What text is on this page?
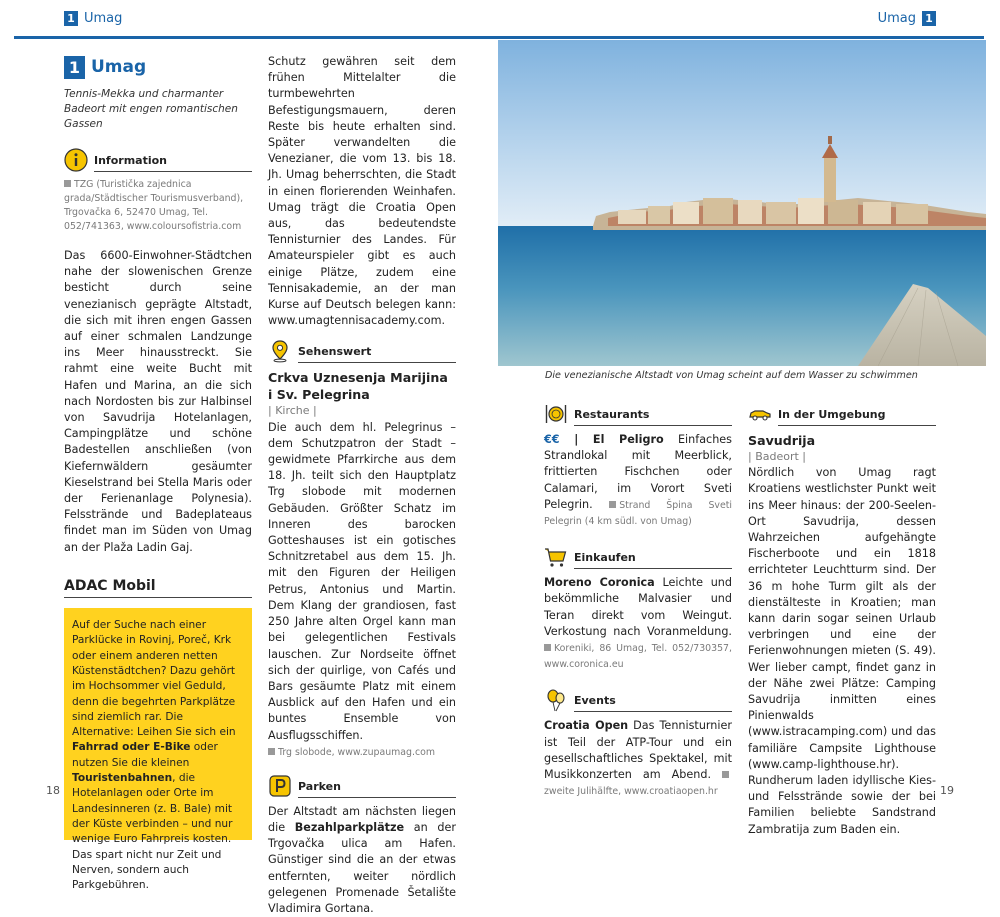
1 Umag	Umag 1
1 Umag
Tennis-Mekka und charmanter Badeort mit engen romantischen Gassen
Information
TZG (Turistička zajednica grada/Städtischer Tourismusverband), Trgovačka 6, 52470 Umag, Tel. 052/741363, www.coloursofistria.com
Das 6600-Einwohner-Städtchen nahe der slowenischen Grenze besticht durch seine venezianisch geprägte Altstadt, die sich mit ihren engen Gassen auf einer schmalen Landzunge ins Meer hinausstreckt. Sie rahmt eine weite Bucht mit Hafen und Marina, an die sich nach Nordosten bis zur Halbinsel von Savudrija Hotelanlagen, Campingplätze und schöne Badestellen anschließen (von Kiefernwäldern gesäumter Kieselstrand bei Stella Maris oder der Ferienanlage Polynesia). Felsstrände und Badeplateaus findet man im Süden von Umag an der Plaža Ladin Gaj.
ADAC Mobil
Auf der Suche nach einer Parklücke in Rovinj, Poreč, Krk oder einem anderen netten Küstenstädtchen? Dazu gehört im Hochsommer viel Geduld, denn die begehrten Parkplätze sind ziemlich rar. Die Alternative: Leihen Sie sich ein Fahrrad oder E-Bike oder nutzen Sie die kleinen Touristenbahnen, die Hotelanlagen oder Orte im Landesinneren (z. B. Bale) mit der Küste verbinden – und nur wenige Euro Fahrpreis kosten. Das spart nicht nur Zeit und Nerven, sondern auch Parkgebühren.
Schutz gewähren seit dem frühen Mittelalter die turmbewehrten Befestigungsmauern, deren Reste bis heute erhalten sind. Später verwandelten die Venezianer, die vom 13. bis 18. Jh. Umag beherrschten, die Stadt in einen florierenden Weinhafen. Umag trägt die Croatia Open aus, das bedeutendste Tennisturnier des Landes. Für Amateurspieler gibt es auch einige Plätze, zudem eine Tennisakademie, an der man Kurse auf Deutsch belegen kann: www.umagtennisacademy.com.
Sehenswert
Crkva Uznesenja Marijina i Sv. Pelegrina
| Kirche |
Die auch dem hl. Pelegrinus – dem Schutzpatron der Stadt – gewidmete Pfarrkirche aus dem 18. Jh. teilt sich den Hauptplatz Trg slobode mit modernen Gebäuden. Größter Schatz im Inneren des barocken Gotteshauses ist ein gotisches Schnitzretabel aus dem 15. Jh. mit den Figuren der Heiligen Petrus, Antonius und Martin. Dem Klang der grandiosen, fast 250 Jahre alten Orgel kann man bei gelegentlichen Festivals lauschen. Zur Nordseite öffnet sich der quirlige, von Cafés und Bars gesäumte Platz mit einem Ausblick auf den Hafen und ein buntes Ensemble von Ausflugsschiffen.
Trg slobode, www.zupaumag.com
Parken
Der Altstadt am nächsten liegen die Bezahlparkplätze an der Trgovačka ulica am Hafen. Günstiger sind die an der etwas entfernten, weiter nördlich gelegenen Promenade Šetalište Vladimira Gortana.
Die venezianische Altstadt von Umag scheint auf dem Wasser zu schwimmen
Restaurants
€€ | El Peligro Einfaches Strandlokal mit Meerblick, frittierten Fischchen oder Calamari, im Vorort Sveti Pelegrin. Strand Špina Sveti Pelegrin (4 km südl. von Umag)
Einkaufen
Moreno Coronica Leichte und bekömmliche Malvasier und Teran direkt vom Weingut. Verkostung nach Voranmeldung. Koreniki, 86 Umag, Tel. 052/730357, www.coronica.eu
Events
Croatia Open Das Tennisturnier ist Teil der ATP-Tour und ein gesellschaftliches Spektakel, mit Musikkonzerten am Abend. zweite Julihälfte, www.croatiaopen.hr
In der Umgebung
Savudrija
| Badeort |
Nördlich von Umag ragt Kroatiens westlichster Punkt weit ins Meer hinaus: der 200-Seelen-Ort Savudrija, dessen Wahrzeichen aufgehängte Fischerboote und ein 1818 errichteter Leuchtturm sind. Der 36 m hohe Turm gilt als der dienstälteste in Kroatien; man kann darin sogar seinen Urlaub verbringen und eine der Ferienwohnungen mieten (S. 49). Wer lieber campt, findet ganz in der Nähe zwei Plätze: Camping Savudrija inmitten eines Pinienwalds (www.istracamping.com) und das familiäre Campsite Lighthouse (www.camp-lighthouse.hr). Rundherum laden idyllische Kies- und Felsstrände sowie der bei Familien beliebte Sandstrand Zambratija zum Baden ein.
18	19
